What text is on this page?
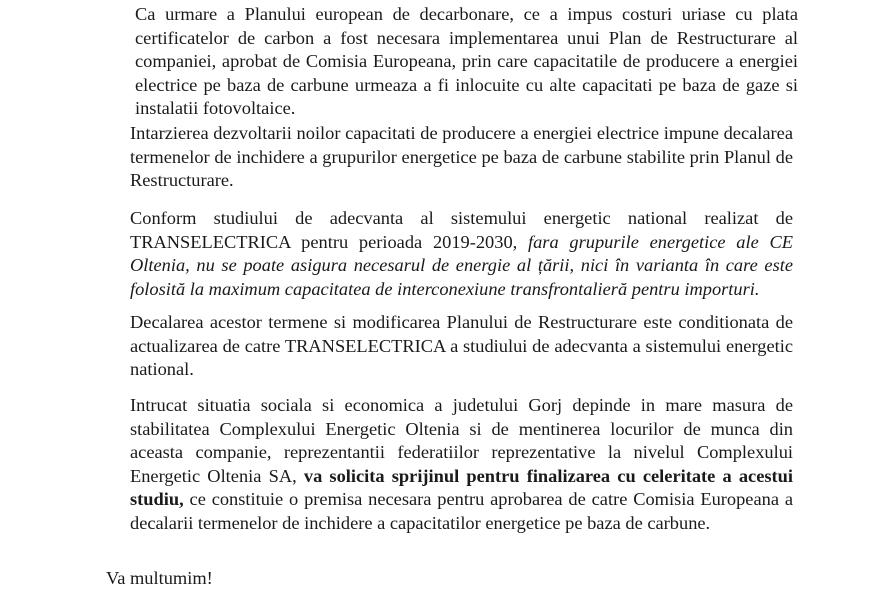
Ca urmare a Planului european de decarbonare, ce a impus costuri uriase cu plata certificatelor de carbon a fost necesara implementarea unui Plan de Restructurare al companiei, aprobat de Comisia Europeana, prin care capacitatile de producere a energiei electrice pe baza de carbune urmeaza a fi inlocuite cu alte capacitati pe baza de gaze si instalatii fotovoltaice.

Intarzierea dezvoltarii noilor capacitati de producere a energiei electrice impune decalarea termenelor de inchidere a grupurilor energetice pe baza de carbune stabilite prin Planul de Restructurare.

Conform studiului de adecvanta al sistemului energetic national realizat de TRANSELECTRICA pentru perioada 2019-2030, fara grupurile energetice ale CE Oltenia, nu se poate asigura necesarul de energie al țării, nici în varianta în care este folosită la maximum capacitatea de interconexiune transfrontalieră pentru importuri.

Decalarea acestor termene si modificarea Planului de Restructurare este conditionata de actualizarea de catre TRANSELECTRICA a studiului de adecvanta a sistemului energetic national.

Intrucat situatia sociala si economica a judetului Gorj depinde in mare masura de stabilitatea Complexului Energetic Oltenia si de mentinerea locurilor de munca din aceasta companie, reprezentantii federatiilor reprezentative la nivelul Complexului Energetic Oltenia SA, va solicita sprijinul pentru finalizarea cu celeritate a acestui studiu, ce constituie o premisa necesara pentru aprobarea de catre Comisia Europeana a decalarii termenelor de inchidere a capacitatilor energetice pe baza de carbune.

Va multumim!
